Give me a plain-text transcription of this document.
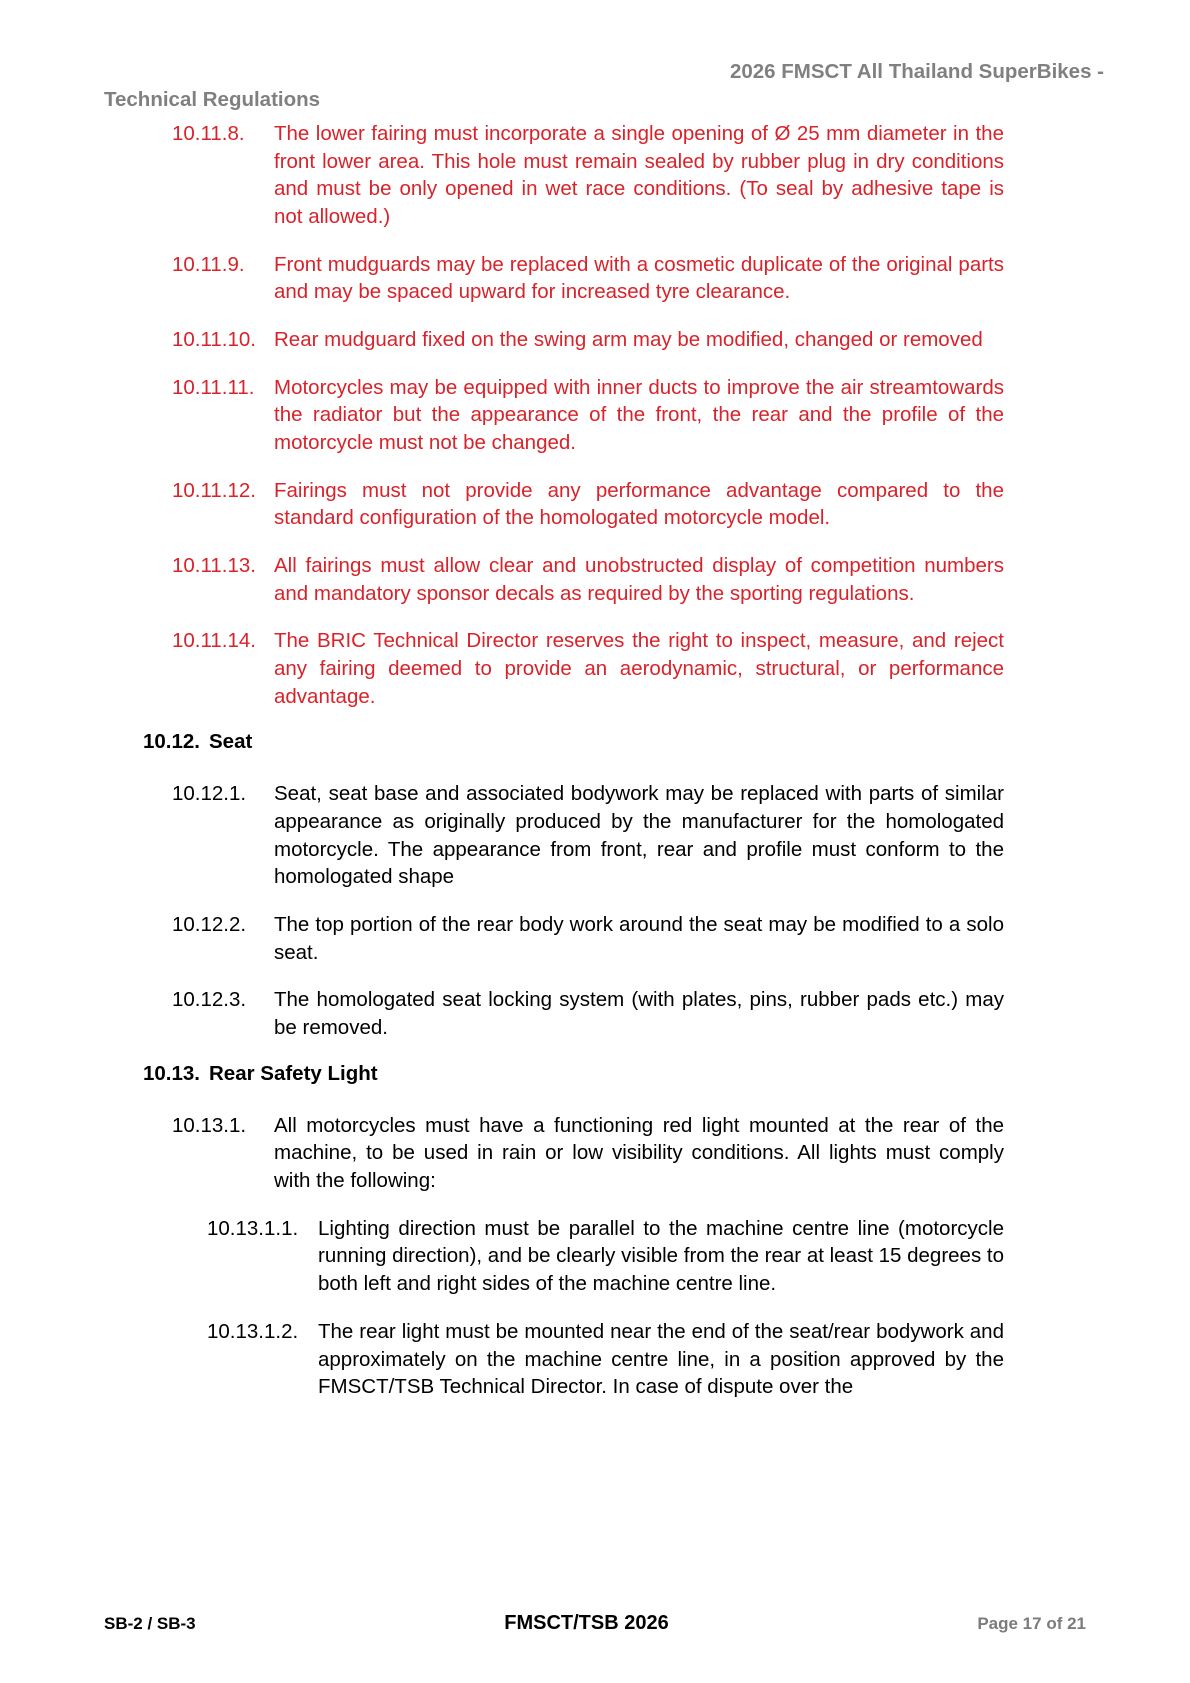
2026 FMSCT All Thailand SuperBikes -
Technical Regulations
10.11.8.	The lower fairing must incorporate a single opening of Ø 25 mm diameter in the front lower area. This hole must remain sealed by rubber plug in dry conditions and must be only opened in wet race conditions. (To seal by adhesive tape is not allowed.)
10.11.9.	Front mudguards may be replaced with a cosmetic duplicate of the original parts and may be spaced upward for increased tyre clearance.
10.11.10. Rear mudguard fixed on the swing arm may be modified, changed or removed
10.11.11. Motorcycles may be equipped with inner ducts to improve the air streamtowards the radiator but the appearance of the front, the rear and the profile of the motorcycle must not be changed.
10.11.12. Fairings must not provide any performance advantage compared to the standard configuration of the homologated motorcycle model.
10.11.13. All fairings must allow clear and unobstructed display of competition numbers and mandatory sponsor decals as required by the sporting regulations.
10.11.14. The BRIC Technical Director reserves the right to inspect, measure, and reject any fairing deemed to provide an aerodynamic, structural, or performance advantage.
10.12. Seat
10.12.1.	Seat, seat base and associated bodywork may be replaced with parts of similar appearance as originally produced by the manufacturer for the homologated motorcycle. The appearance from front, rear and profile must conform to the homologated shape
10.12.2.	The top portion of the rear body work around the seat may be modified to a solo seat.
10.12.3.	The homologated seat locking system (with plates, pins, rubber pads etc.) may be removed.
10.13. Rear Safety Light
10.13.1.	All motorcycles must have a functioning red light mounted at the rear of the machine, to be used in rain or low visibility conditions. All lights must comply with the following:
10.13.1.1. Lighting direction must be parallel to the machine centre line (motorcycle running direction), and be clearly visible from the rear at least 15 degrees to both left and right sides of the machine centre line.
10.13.1.2. The rear light must be mounted near the end of the seat/rear bodywork and approximately on the machine centre line, in a position approved by the FMSCT/TSB Technical Director. In case of dispute over the
SB-2 / SB-3	FMSCT/TSB 2026	Page 17 of 21
